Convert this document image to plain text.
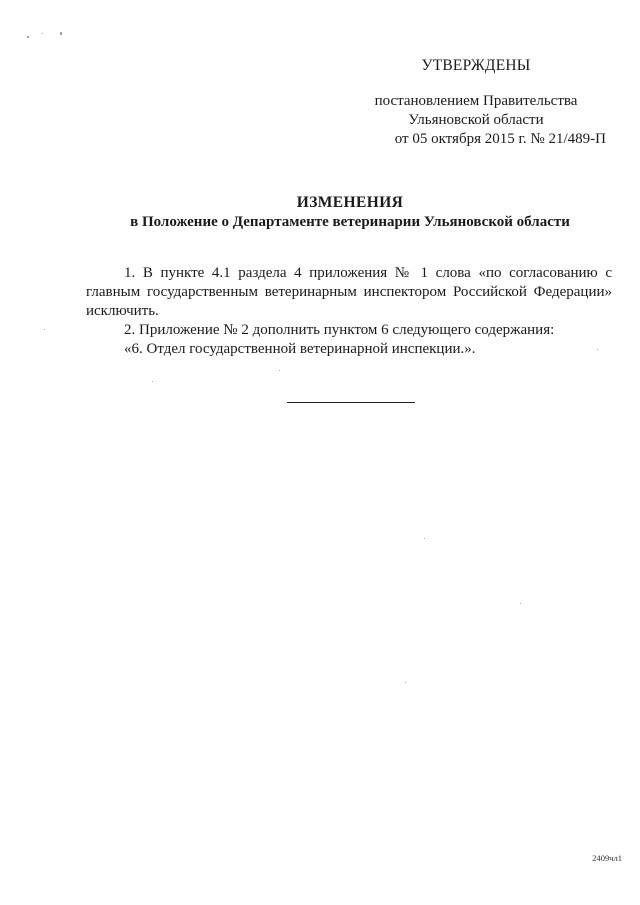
УТВЕРЖДЕНЫ
постановлением Правительства
Ульяновской области
от 05 октября 2015 г. № 21/489-П
ИЗМЕНЕНИЯ
в Положение о Департаменте ветеринарии Ульяновской области

1. В пункте 4.1 раздела 4 приложения № 1 слова «по согласованию с главным государственным ветеринарным инспектором Российской Федерации» исключить.

2. Приложение № 2 дополнить пунктом 6 следующего содержания:

«6. Отдел государственной ветеринарной инспекции.».

2409чл1
